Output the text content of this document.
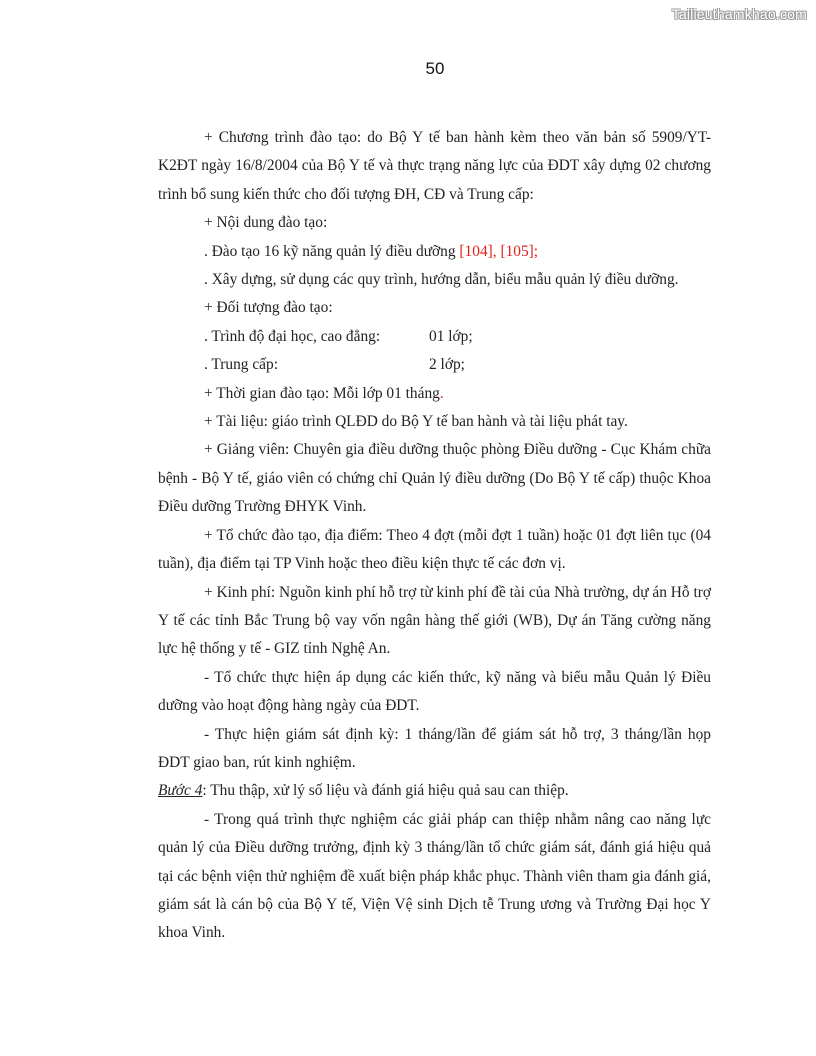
Tailieuthamkhao.com
50

+ Chương trình đào tạo: do Bộ Y tế ban hành kèm theo văn bản số 5909/YT-K2ĐT ngày 16/8/2004 của Bộ Y tế và thực trạng năng lực của ĐDT xây dựng 02 chương trình bổ sung kiến thức cho đối tượng ĐH, CĐ và Trung cấp:

+ Nội dung đào tạo:

. Đào tạo 16 kỹ năng quản lý điều dưỡng [104], [105];

. Xây dựng, sử dụng các quy trình, hướng dẫn, biểu mẫu quản lý điều dưỡng.

+ Đối tượng đào tạo:

. Trình độ đại học, cao đẳng:	01 lớp;
. Trung cấp:	2 lớp;

+ Thời gian đào tạo: Mỗi lớp 01 tháng.

+ Tài liệu: giáo trình QLĐD do Bộ Y tế ban hành và tài liệu phát tay.

+ Giảng viên: Chuyên gia điều dưỡng thuộc phòng Điều dưỡng - Cục Khám chữa bệnh - Bộ Y tế, giáo viên có chứng chỉ Quản lý điều dưỡng (Do Bộ Y tế cấp) thuộc Khoa Điều dưỡng Trường ĐHYK Vinh.

+ Tổ chức đào tạo, địa điểm: Theo 4 đợt (mỗi đợt 1 tuần) hoặc 01 đợt liên tục (04 tuần), địa điểm tại TP Vinh hoặc theo điều kiện thực tế các đơn vị.

+ Kinh phí: Nguồn kinh phí hỗ trợ từ kinh phí đề tài của Nhà trường, dự án Hỗ trợ Y tế các tỉnh Bắc Trung bộ vay vốn ngân hàng thế giới (WB), Dự án Tăng cường năng lực hệ thống y tế - GIZ tỉnh Nghệ An.

- Tổ chức thực hiện áp dụng các kiến thức, kỹ năng và biểu mẫu Quản lý Điều dưỡng vào hoạt động hàng ngày của ĐDT.

- Thực hiện giám sát định kỳ: 1 tháng/lần để giám sát hỗ trợ, 3 tháng/lần họp ĐDT giao ban, rút kinh nghiệm.

Bước 4: Thu thập, xử lý số liệu và đánh giá hiệu quả sau can thiệp.

- Trong quá trình thực nghiệm các giải pháp can thiệp nhằm nâng cao năng lực quản lý của Điều dưỡng trưởng, định kỳ 3 tháng/lần tổ chức giám sát, đánh giá hiệu quả tại các bệnh viện thử nghiệm đề xuất biện pháp khắc phục. Thành viên tham gia đánh giá, giám sát là cán bộ của Bộ Y tế, Viện Vệ sinh Dịch tễ Trung ương và Trường Đại học Y khoa Vinh.
